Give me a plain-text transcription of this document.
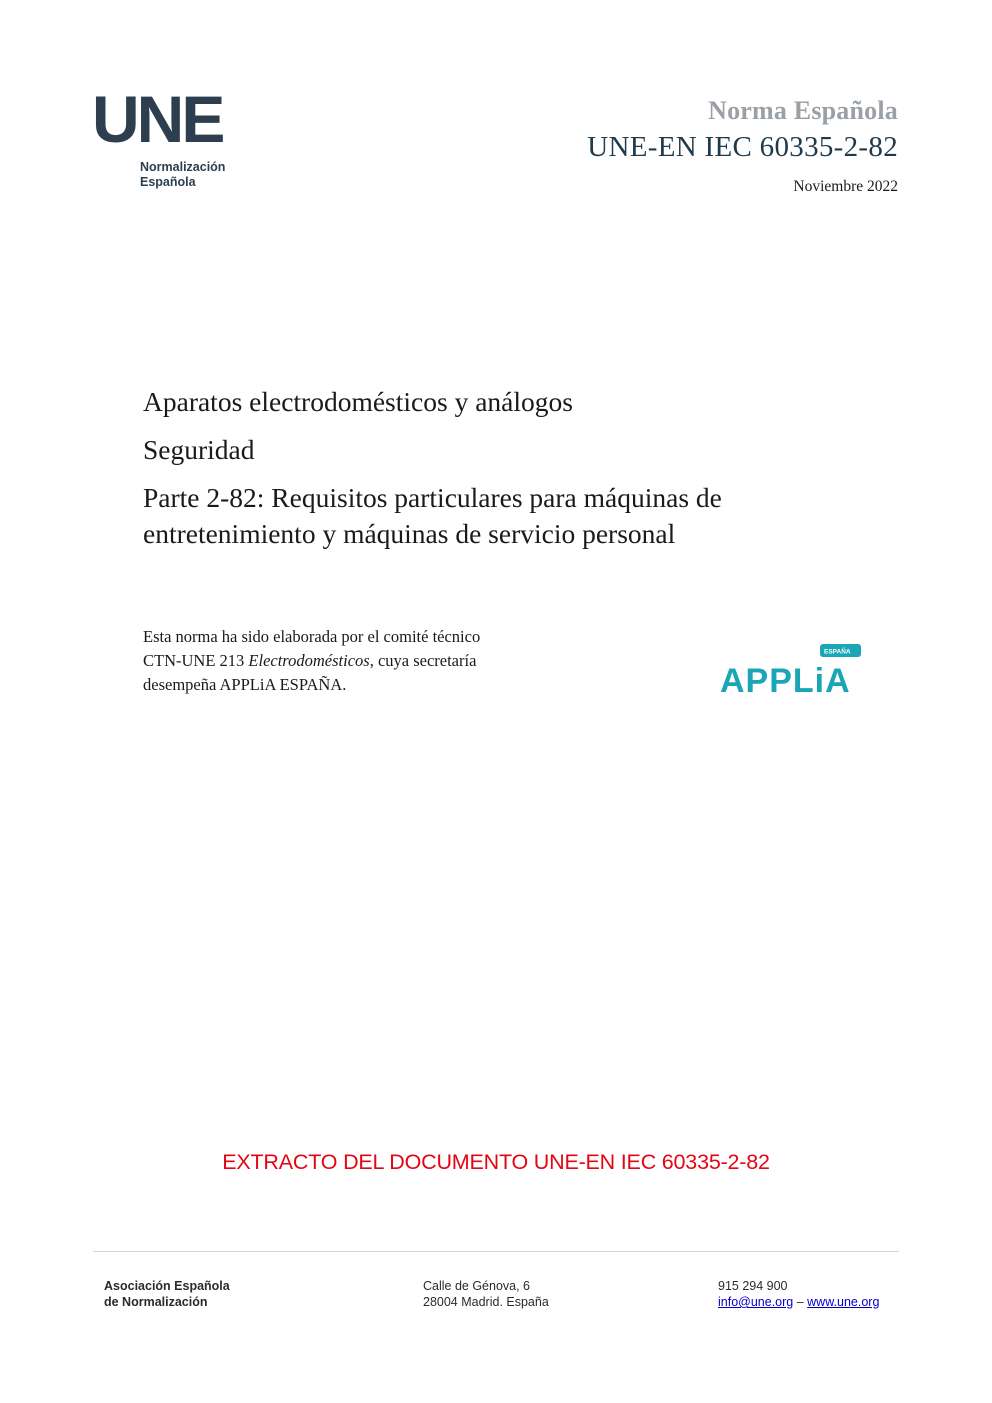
UNE
Normalización
Española
Norma Española
UNE-EN IEC 60335-2-82
Noviembre 2022
Aparatos electrodomésticos y análogos
Seguridad
Parte 2-82: Requisitos particulares para máquinas de
entretenimiento y máquinas de servicio personal
Esta norma ha sido elaborada por el comité técnico
CTN-UNE 213 Electrodomésticos, cuya secretaría
desempeña APPLiA ESPAÑA.
ESPAÑA
APPLiA
EXTRACTO DEL DOCUMENTO UNE-EN IEC 60335-2-82
Asociación Española
de Normalización
Calle de Génova, 6
28004 Madrid. España
915 294 900
info@une.org – www.une.org
